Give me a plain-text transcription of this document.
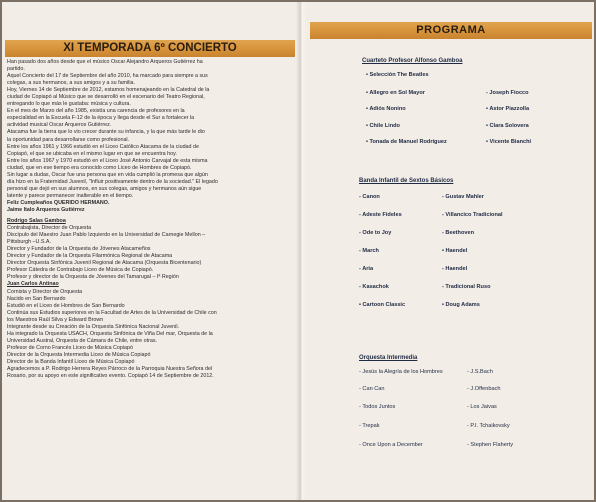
XI TEMPORADA 6º CONCIERTO

Han pasado dos años desde que el músico Oscar Alejandro Arqueros Gutiérrez ha

partido.

Aquel Concierto del 17 de Septiembre del año 2010, ha marcado para siempre a sus

colegas, a sus hermanos, a sus amigos y a su familia.

Hoy, Viernes 14 de Septiembre de 2012, estamos homenajeando en la Catedral de la

ciudad de Copiapó al Músico que se desarrolló en el escenario del Teatro Regional,

entregando lo que más le gustaba: música y cultura.

En el mes de Marzo del año 1985, existía una carencia de profesores en la

especialidad en la Escuela F-12 de la época y llega desde el Sur a fortalecer la

actividad musical Oscar Arqueros Gutiérrez.

Atacama fue la tierra que lo vio crecer durante su infancia, y la que más tarde le dio

la oportunidad para desarrollarse como profesional.

Entre los años 1961 y 1966 estudió en el Liceo Católico Atacama de la ciudad de

Copiapó, el que se ubicaba en el mismo lugar en que se encuentra hoy.

Entre los años 1967 y 1970 estudió en el Liceo José Antonio Carvajal de esta misma

ciudad, que en ese tiempo era conocido como Liceo de Hombres de Copiapó.

Sin lugar a dudas, Oscar fue una persona que en vida cumplió la promesa que algún

día hizo en la Fraternidad Juvenil, "Influir positivamente dentro de la sociedad." El legado

personal que dejó en sus alumnos, en sus colegas, amigos y hermanos aún sigue

latente y parece permanecer inalterable en el tiempo.

Feliz Cumpleaños QUERIDO HERMANO.

Jaime Italo Arqueros Gutiérrez

Rodrigo Salas Gamboa

Contrabajista, Director de Orquesta

Discípulo del Maestro Juan Pablo Izquierdo en la Universidad de Carnegie Mellon –

Pittsburgh –U.S.A.

Director y Fundador de la Orquesta de Jóvenes Atacameños

Director y Fundador de la Orquesta Filarmónica Regional de Atacama

Director Orquesta Sinfónica Juvenil Regional de Atacama (Orquesta Bicentenario)

Profesor Cátedra de Contrabajo Liceo de Música de Copiapó.

Profesor y director de la Orquesta de Jóvenes del Tamarugal – Iª Región

Juan Carlos Antinao

Cornista y Director de Orquesta

Nacido en San Bernardo

Estudió en el Liceo de Hombres de San Bernardo

Continúa sus Estudios superiores en la Facultad de Artes de la Universidad de Chile con

los Maestros Raúl Silva y Edward Brown

Integrante desde su Creación de la Orquesta Sinfónica Nacional Juvenil.

Ha integrado la Orquesta USACH, Orquesta Sinfónica de Viña Del mar, Orquesta de la

Universidad Austral, Orquesta de Cámara de Chile, entre otras.

Profesor de Corno Francés Liceo de Música Copiapó

Director de la Orquesta Intermedia Liceo de Música Copiapó

Director de la Banda Infantil Liceo de Música Copiapó

Agradecemos a P. Rodrigo Herrera Reyes Párroco de la Parroquia Nuestra Señora del

Rosario, por su apoyo en este significativo evento. Copiapó 14 de Septiembre de 2012.

PROGRAMA
Cuarteto Profesor Alfonso Gamboa
• Selección The Beatles
• Allegro en Sol Mayor
• Adiós Nonino
• Chile Lindo
• Tonada de Manuel Rodríguez
- Joseph Fiocco
• Astor Piazzolla
• Clara Solovera
• Vicente Bianchi
Banda Infantil de Sextos Básicos
- Canon
- Adeste Fideles
- Ode to Joy
- March
- Aria
- Kasachok
• Cartoon Classic
- Gustav Mahler
- Villancico Tradicional
- Beethoven
• Haendel
- Haendel
- Tradicional Ruso
• Doug Adams
Orquesta Intermedia
- Jesús la Alegría de los Hombres
- Can Can
- Todos Juntos
- Trepak
- Once Upon a December
- J.S.Bach
- J.Offenbach
- Los Jaivas
- P.I. Tchaikovsky
- Stephen Flaherty
